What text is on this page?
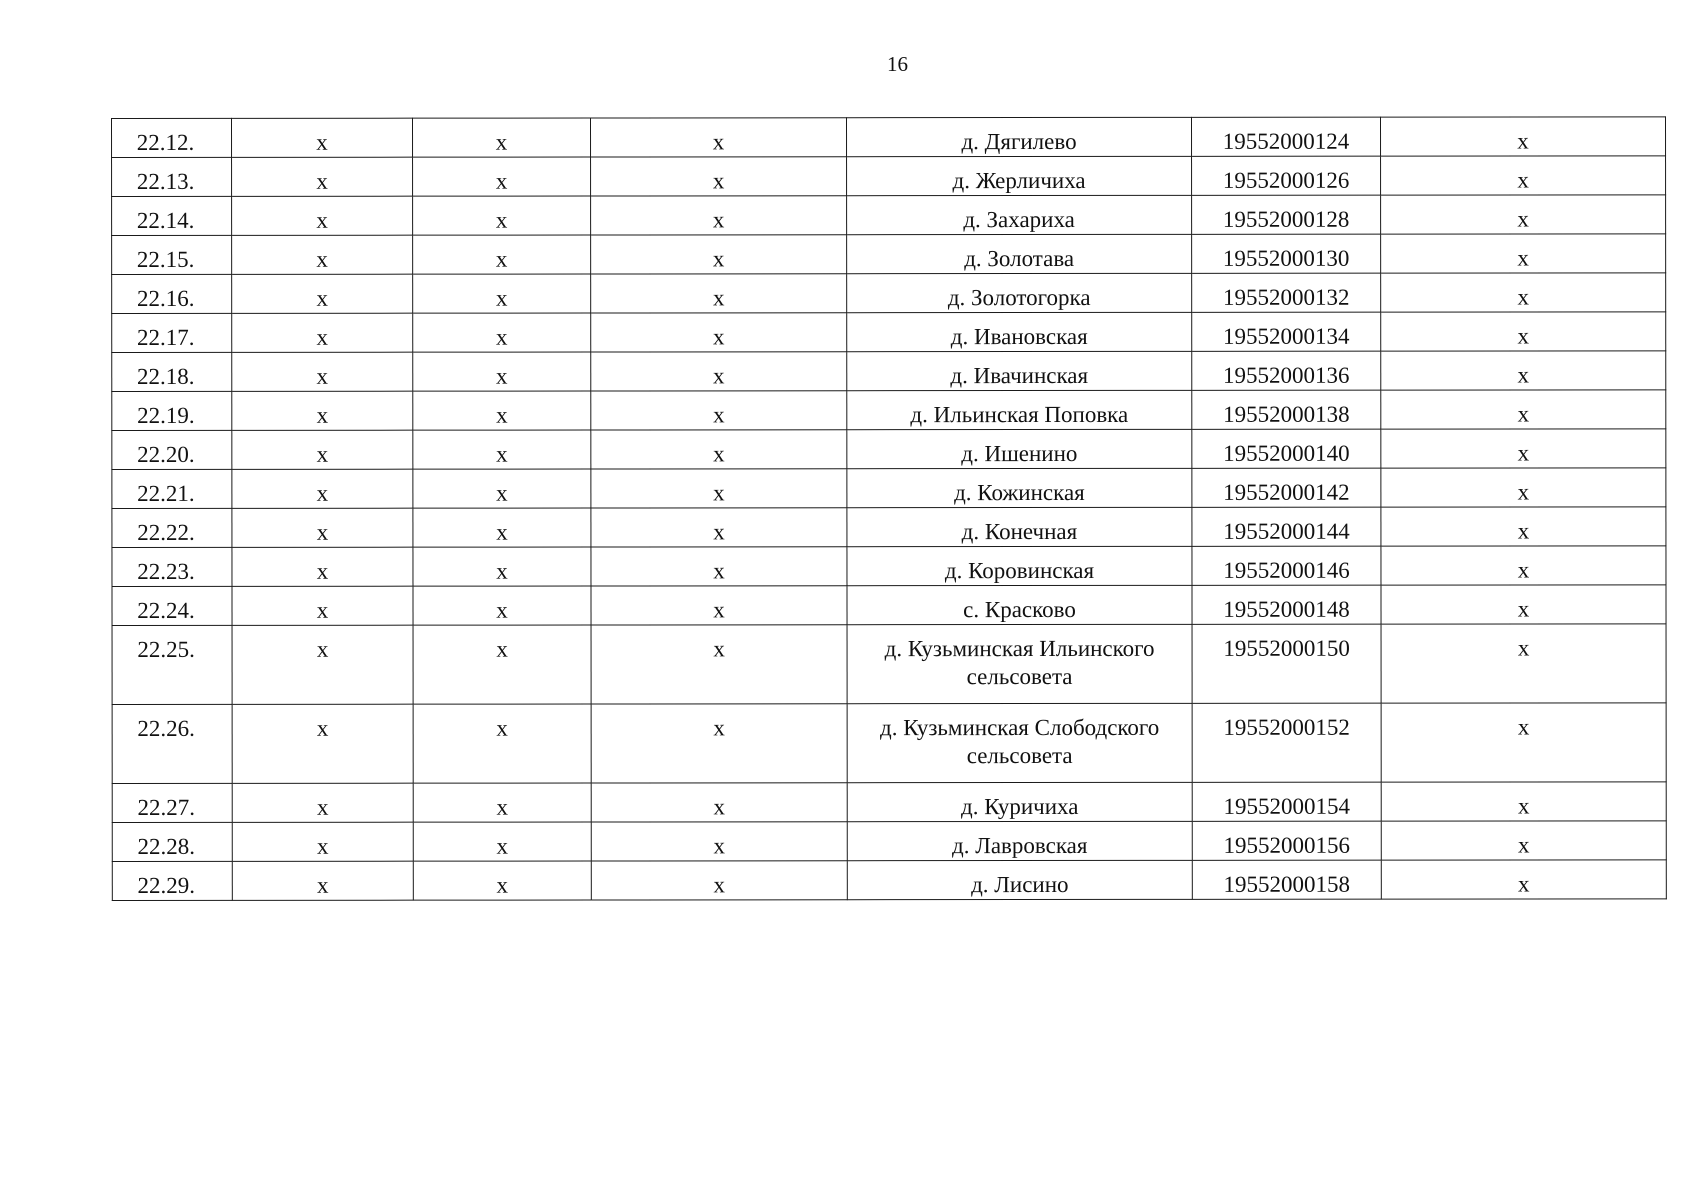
16
22.12.	x	x	x	д. Дягилево	19552000124	x
22.13.	x	x	x	д. Жерличиха	19552000126	x
22.14.	x	x	x	д. Захариха	19552000128	x
22.15.	x	x	x	д. Золотава	19552000130	x
22.16.	x	x	x	д. Золотогорка	19552000132	x
22.17.	x	x	x	д. Ивановская	19552000134	x
22.18.	x	x	x	д. Ивачинская	19552000136	x
22.19.	x	x	x	д. Ильинская Поповка	19552000138	x
22.20.	x	x	x	д. Ишенино	19552000140	x
22.21.	x	x	x	д. Кожинская	19552000142	x
22.22.	x	x	x	д. Конечная	19552000144	x
22.23.	x	x	x	д. Коровинская	19552000146	x
22.24.	x	x	x	с. Красково	19552000148	x
22.25.	x	x	x	д. Кузьминская Ильинского сельсовета	19552000150	x
22.26.	x	x	x	д. Кузьминская Слободского сельсовета	19552000152	x
22.27.	x	x	x	д. Куричиха	19552000154	x
22.28.	x	x	x	д. Лавровская	19552000156	x
22.29.	x	x	x	д. Лисино	19552000158	x
